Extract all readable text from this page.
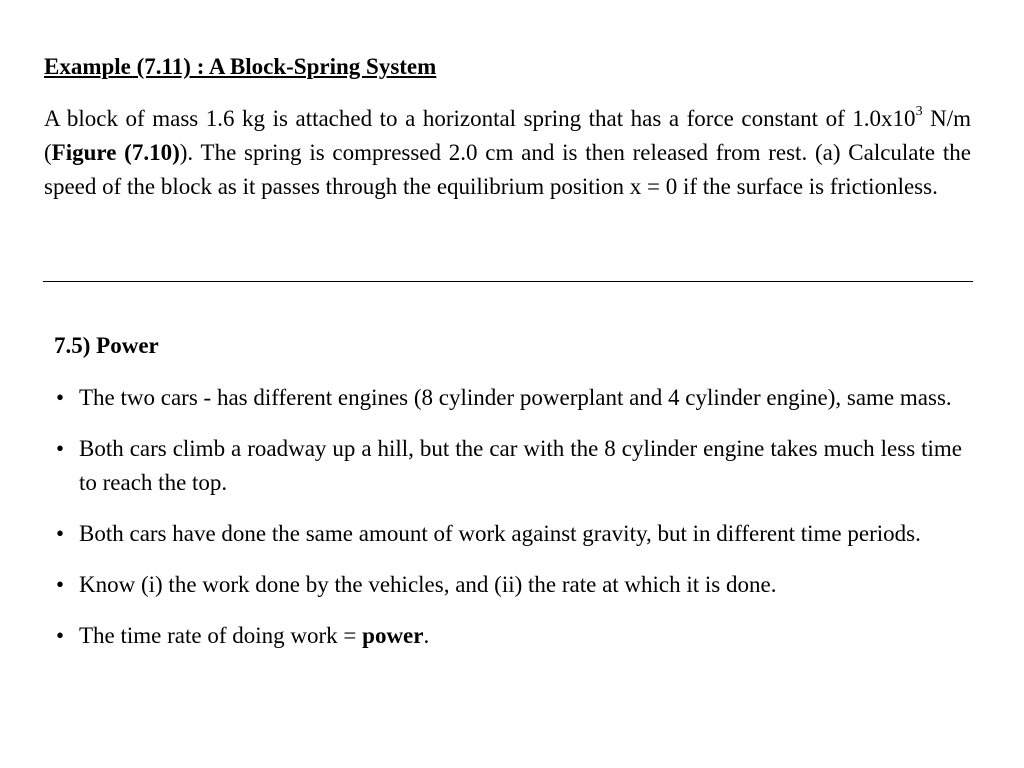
Example (7.11) : A Block-Spring System

A block of mass 1.6 kg is attached to a horizontal spring that has a force constant of $1.0x10^3$ N/m (Figure (7.10)). The spring is compressed 2.0 cm and is then released from rest. (a) Calculate the speed of the block as it passes through the equilibrium position x = 0 if the surface is frictionless.

7.5) Power

• The two cars - has different engines (8 cylinder powerplant and 4 cylinder engine), same mass.
• Both cars climb a roadway up a hill, but the car with the 8 cylinder engine takes much less time to reach the top.
• Both cars have done the same amount of work against gravity, but in different time periods.
• Know (i) the work done by the vehicles, and (ii) the rate at which it is done.
• The time rate of doing work = power.
